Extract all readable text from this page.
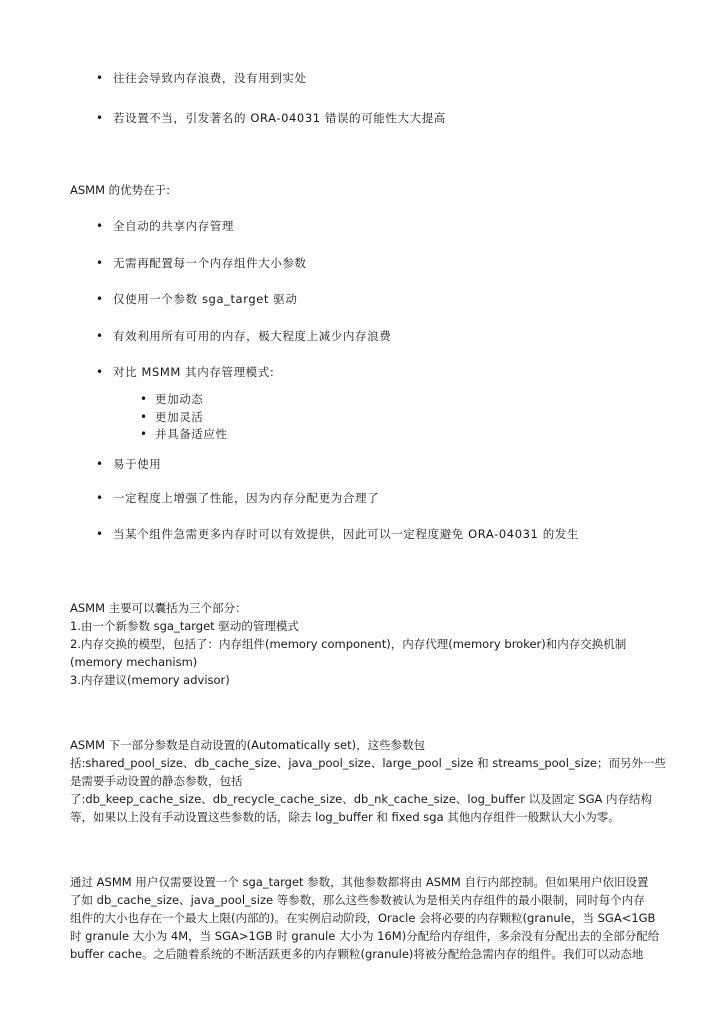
• 往往会导致内存浪费，没有用到实处
• 若设置不当，引发著名的 ORA-04031 错误的可能性大大提高
ASMM 的优势在于:
• 全自动的共享内存管理
• 无需再配置每一个内存组件大小参数
• 仅使用一个参数 sga_target 驱动
• 有效利用所有可用的内存，极大程度上减少内存浪费
• 对比 MSMM 其内存管理模式:
• 更加动态
• 更加灵活
• 并具备适应性
• 易于使用
• 一定程度上增强了性能，因为内存分配更为合理了
• 当某个组件急需更多内存时可以有效提供，因此可以一定程度避免 ORA-04031 的发生
ASMM 主要可以囊括为三个部分：
1.由一个新参数 sga_target 驱动的管理模式
2.内存交换的模型，包括了：内存组件(memory component)，内存代理(memory broker)和内存交换机制
(memory mechanism)
3.内存建议(memory advisor)
ASMM 下一部分参数是自动设置的(Automatically set)，这些参数包
括:shared_pool_size、db_cache_size、java_pool_size、large_pool _size 和 streams_pool_size；而另外一些
是需要手动设置的静态参数，包括
了:db_keep_cache_size、db_recycle_cache_size、db_nk_cache_size、log_buffer 以及固定 SGA 内存结构
等，如果以上没有手动设置这些参数的话，除去 log_buffer 和 fixed sga 其他内存组件一般默认大小为零。
通过 ASMM 用户仅需要设置一个 sga_target 参数，其他参数都将由 ASMM 自行内部控制。但如果用户依旧设置
了如 db_cache_size、java_pool_size 等参数，那么这些参数被认为是相关内存组件的最小限制，同时每个内存
组件的大小也存在一个最大上限(内部的)。在实例启动阶段，Oracle 会将必要的内存颗粒(granule，当 SGA<1GB
时 granule 大小为 4M，当 SGA>1GB 时 granule 大小为 16M)分配给内存组件，多余没有分配出去的全部分配给
buffer cache。之后随着系统的不断活跃更多的内存颗粒(granule)将被分配给急需内存的组件。我们可以动态地
